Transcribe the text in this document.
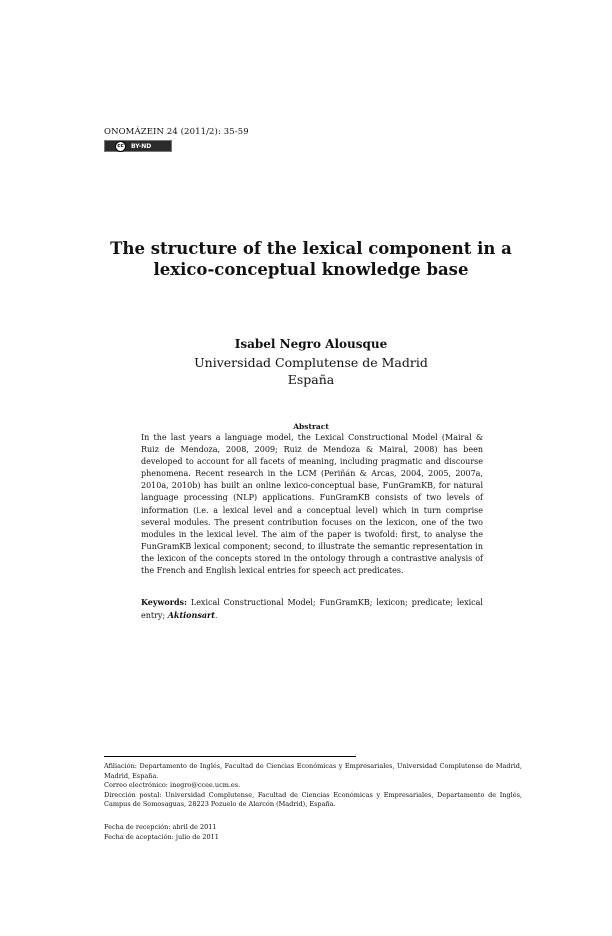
ONOMÁZEIN 24 (2011/2): 35-59
cc	BY-ND
The structure of the lexical component in a lexico-conceptual knowledge base
Isabel Negro Alousque
Universidad Complutense de Madrid
España
Abstract
In the last years a language model, the Lexical Constructional Model (Mairal & Ruiz de Mendoza, 2008, 2009; Ruiz de Mendoza & Mairal, 2008) has been developed to account for all facets of meaning, including pragmatic and discourse phenomena. Recent research in the LCM (Periñán & Arcas, 2004, 2005, 2007a, 2010a, 2010b) has built an online lexico-conceptual base, FunGramKB, for natural language processing (NLP) applications. FunGramKB consists of two levels of information (i.e. a lexical level and a conceptual level) which in turn comprise several modules. The present contribution focuses on the lexicon, one of the two modules in the lexical level. The aim of the paper is twofold: first, to analyse the FunGramKB lexical component; second, to illustrate the semantic representation in the lexicon of the concepts stored in the ontology through a contrastive analysis of the French and English lexical entries for speech act predicates.
Keywords: Lexical Constructional Model; FunGramKB; lexicon; predicate; lexical entry; Aktionsart.

Afiliación: Departamento de Inglés, Facultad de Ciencias Económicas y Empresariales, Universidad Complutense de Madrid, Madrid, España.

Correo electrónico: inegro@ccee.ucm.es.

Dirección postal: Universidad Complutense, Facultad de Ciencias Económicas y Empresariales, Departamento de Inglés, Campus de Somosaguas, 28223 Pozuelo de Alarcón (Madrid), España.

Fecha de recepción: abril de 2011

Fecha de aceptación: julio de 2011
